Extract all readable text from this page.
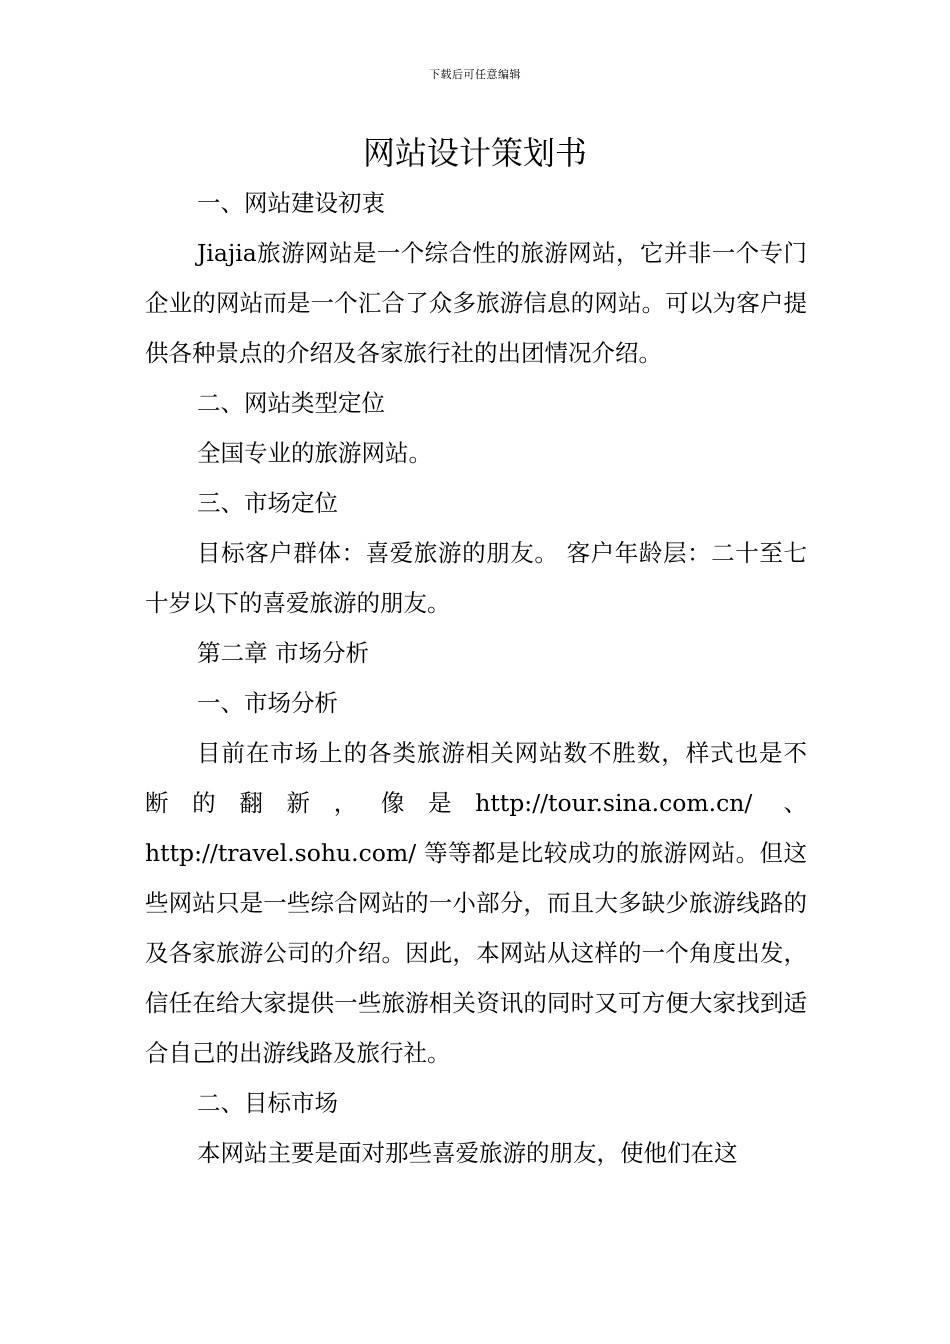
下载后可任意编辑
网站设计策划书

一、网站建设初衷

Jiajia旅游网站是一个综合性的旅游网站，它并非一个专门企业的网站而是一个汇合了众多旅游信息的网站。可以为客户提供各种景点的介绍及各家旅行社的出团情况介绍。

二、网站类型定位

全国专业的旅游网站。

三、市场定位

目标客户群体：喜爱旅游的朋友。 客户年龄层：二十至七十岁以下的喜爱旅游的朋友。

第二章 市场分析

一、市场分析

目前在市场上的各类旅游相关网站数不胜数，样式也是不断的翻新，像是http://tour.sina.com.cn/ 、http://travel.sohu.com/ 等等都是比较成功的旅游网站。但这些网站只是一些综合网站的一小部分，而且大多缺少旅游线路的及各家旅游公司的介绍。因此，本网站从这样的一个角度出发，信任在给大家提供一些旅游相关资讯的同时又可方便大家找到适合自己的出游线路及旅行社。

二、目标市场

本网站主要是面对那些喜爱旅游的朋友，使他们在这
